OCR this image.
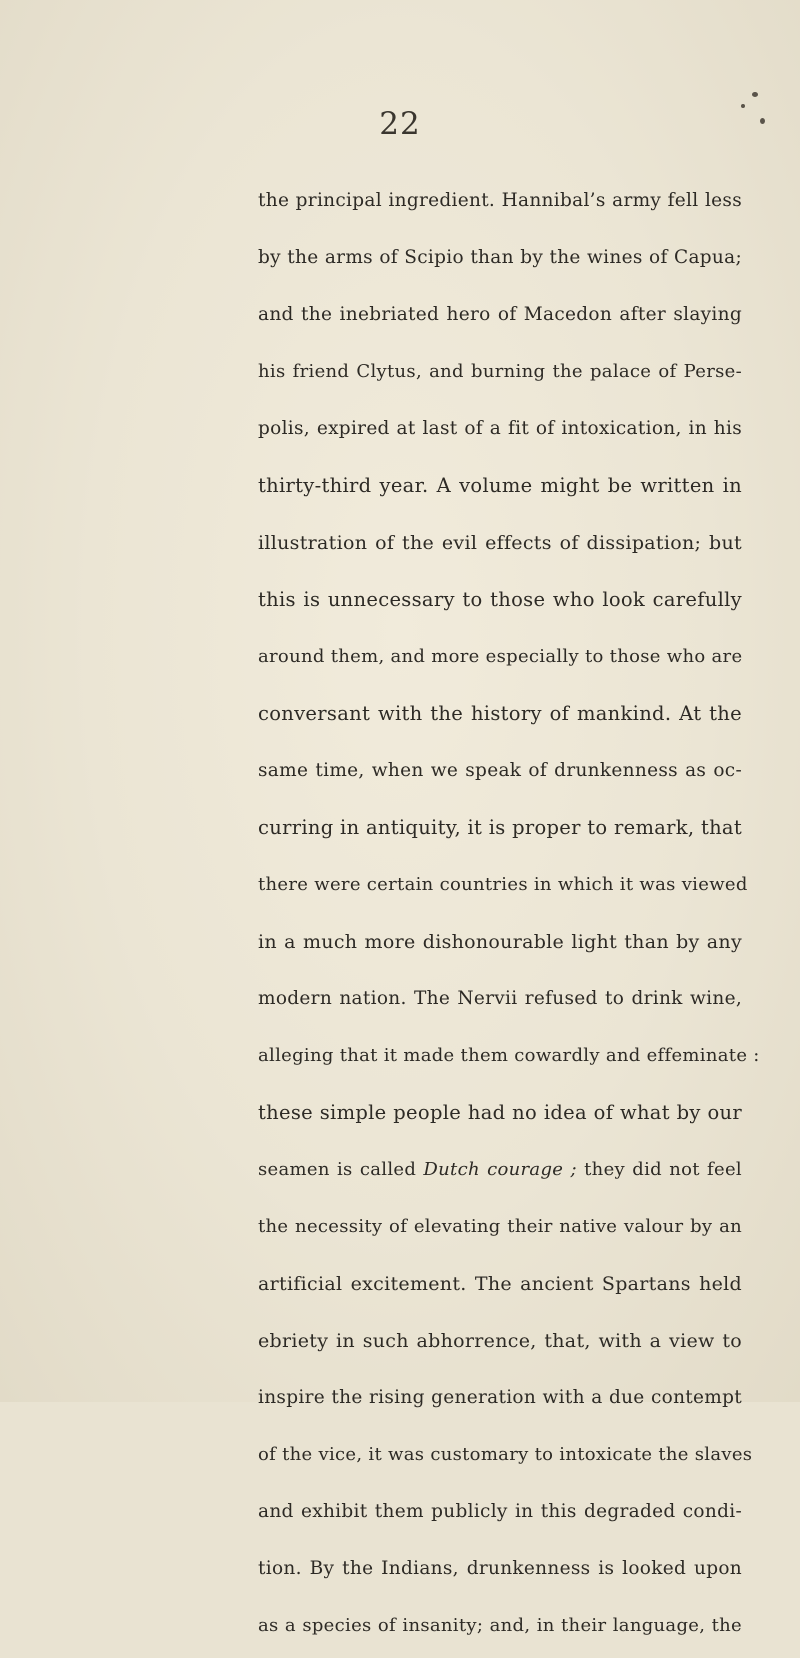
22
the principal ingredient. Hannibal’s army fell less
by the arms of Scipio than by the wines of Capua;
and the inebriated hero of Macedon after slaying
his friend Clytus, and burning the palace of Perse-
polis, expired at last of a fit of intoxication, in his
thirty-third year. A volume might be written in
illustration of the evil effects of dissipation; but
this is unnecessary to those who look carefully
around them, and more especially to those who are
conversant with the history of mankind. At the
same time, when we speak of drunkenness as oc-
curring in antiquity, it is proper to remark, that
there were certain countries in which it was viewed
in a much more dishonourable light than by any
modern nation. The Nervii refused to drink wine,
alleging that it made them cowardly and effeminate :
these simple people had no idea of what by our
seamen is called Dutch courage ; they did not feel
the necessity of elevating their native valour by an
artificial excitement. The ancient Spartans held
ebriety in such abhorrence, that, with a view to
inspire the rising generation with a due contempt
of the vice, it was customary to intoxicate the slaves
and exhibit them publicly in this degraded condi-
tion. By the Indians, drunkenness is looked upon
as a species of insanity; and, in their language, the
